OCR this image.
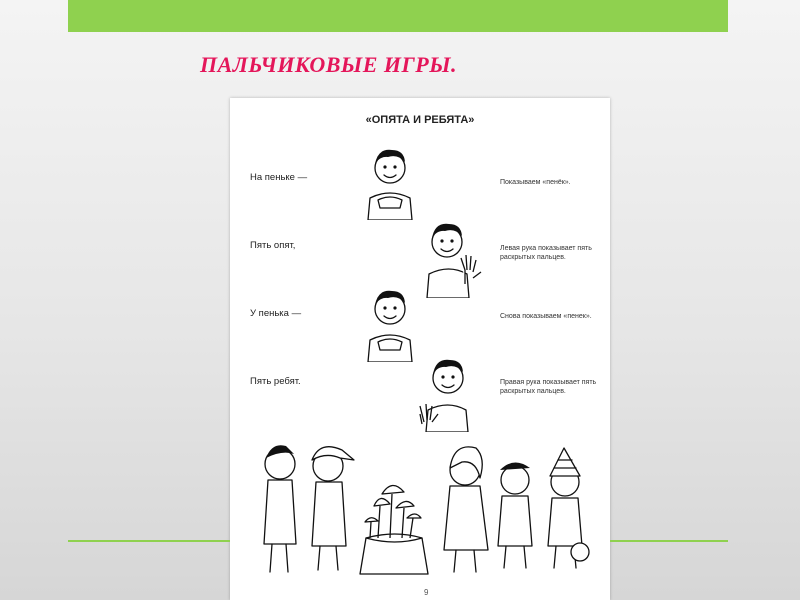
ПАЛЬЧИКОВЫЕ ИГРЫ.
«ОПЯТА И РЕБЯТА»
На пеньке —	Показываем «пенёк».
Пять опят,	Левая рука показывает пять раскрытых пальцев.
У пенька —	Снова показываем «пенек».
Пять ребят.	Правая рука показывает пять раскрытых пальцев.
9
